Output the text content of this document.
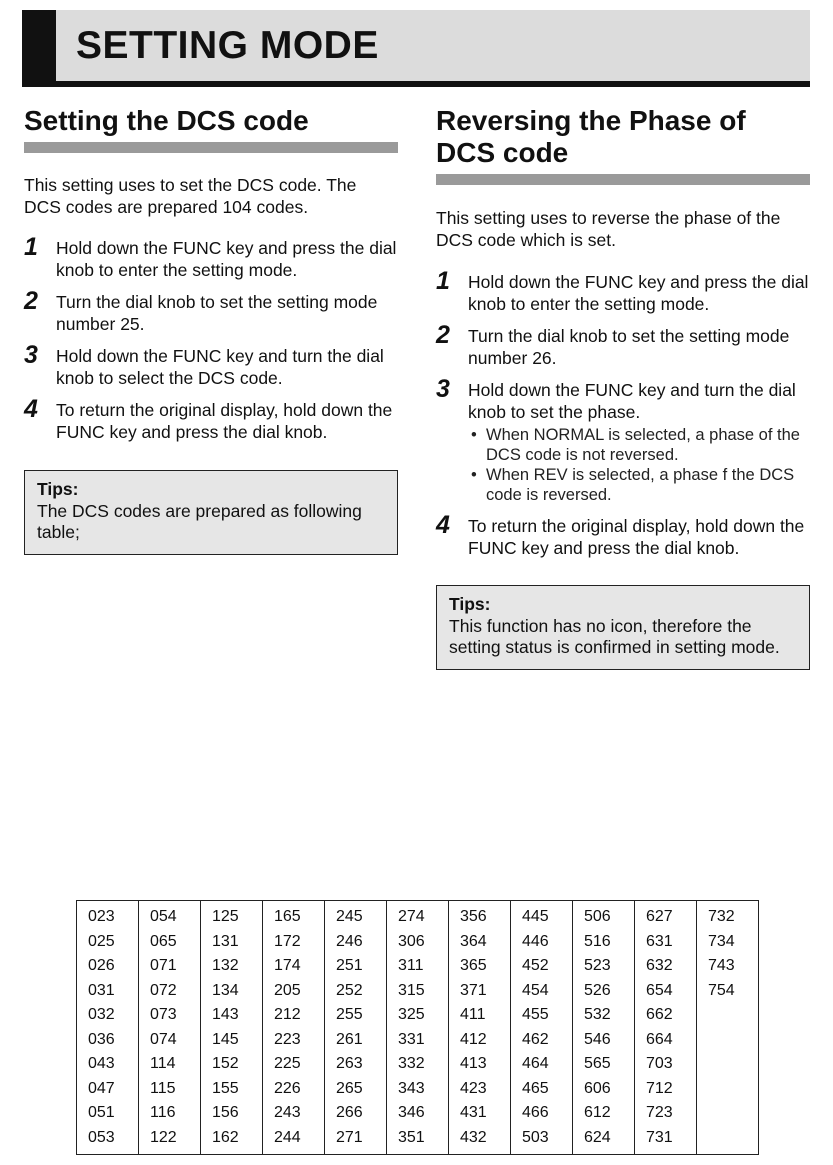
SETTING MODE
Setting the DCS code

This setting uses to set the DCS code. The DCS codes are prepared 104 codes.

1 Hold down the FUNC key and press the dial knob to enter the setting mode.
2 Turn the dial knob to set the setting mode number 25.
3 Hold down the FUNC key and turn the dial knob to select the DCS code.
4 To return the original display, hold down the FUNC key and press the dial knob.
Tips:
The DCS codes are prepared as following table;
Reversing the Phase of DCS code

This setting uses to reverse the phase of the DCS code which is set.

1 Hold down the FUNC key and press the dial knob to enter the setting mode.
2 Turn the dial knob to set the setting mode number 26.
3 Hold down the FUNC key and turn the dial knob to set the phase.
• When NORMAL is selected, a phase of the DCS code is not reversed.
• When REV is selected, a phase f the DCS code is reversed.
4 To return the original display, hold down the FUNC key and press the dial knob.
Tips:
This function has no icon, therefore the setting status is confirmed in setting mode.
023	054	125	165	245	274	356	445	506	627	732
025	065	131	172	246	306	364	446	516	631	734
026	071	132	174	251	311	365	452	523	632	743
031	072	134	205	252	315	371	454	526	654	754
032	073	143	212	255	325	411	455	532	662	
036	074	145	223	261	331	412	462	546	664	
043	114	152	225	263	332	413	464	565	703	
047	115	155	226	265	343	423	465	606	712	
051	116	156	243	266	346	431	466	612	723	
053	122	162	244	271	351	432	503	624	731	
